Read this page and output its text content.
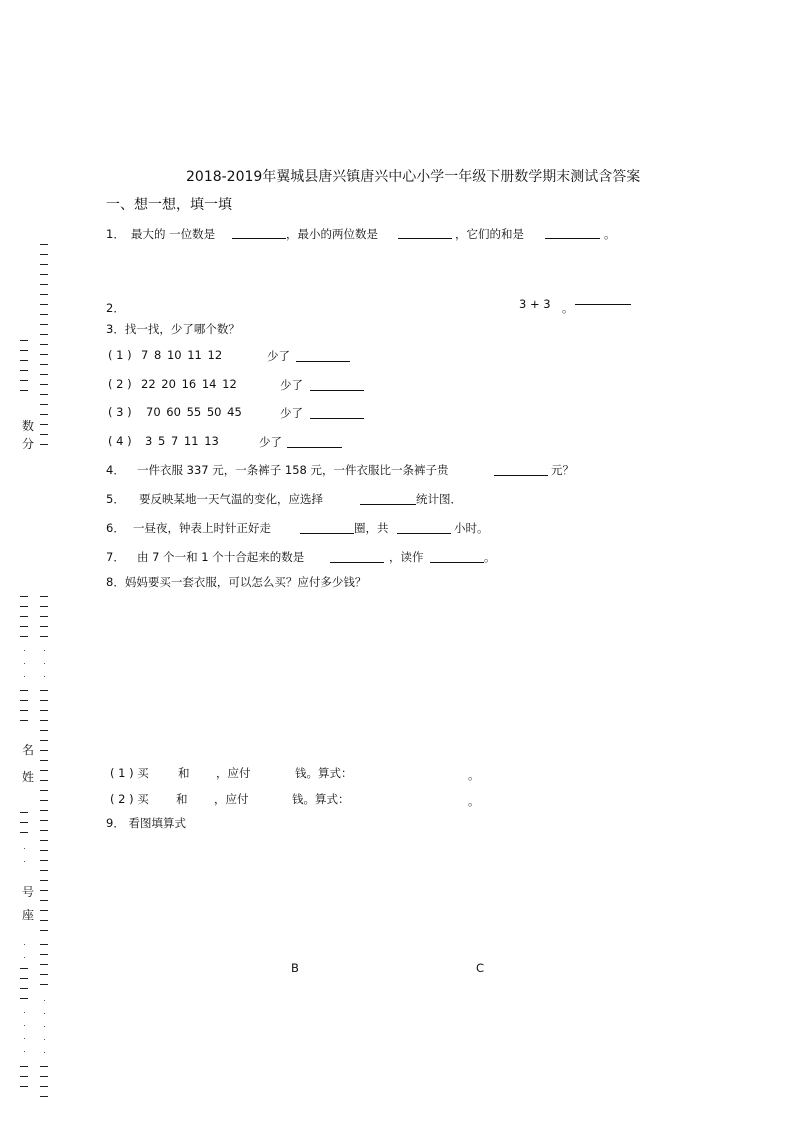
数
分
名
姓
号
座
2018-2019年翼城县唐兴镇唐兴中心小学一年级下册数学期末测试含答案
一、想一想，填一填
1． 最大的 一位数是	，最小的两位数是	，它们的和是	。
2．	3 + 3 。
3．找一找，少了哪个数？
( 1 ) 7 8 10 11 12	少了
( 2 ) 22 20 16 14 12	少了
( 3 ) 70 60 55 50 45	少了
( 4 ) 3 5 7 11 13	少了
4． 一件衣服 337 元，一条裤子 158 元，一件衣服比一条裤子贵	元？
5． 要反映某地一天气温的变化，应选择	统计图．
6． 一昼夜，钟表上时针正好走	圈，共	小时。
7． 由 7 个一和 1 个十合起来的数是	，读作	。
8．妈妈要买一套衣服，可以怎么买？应付多少钱？
( 1 ) 买	和 ，应付	钱。算式：	。
( 2 ) 买 和 ，应付	钱。算式：	。
9． 看图填算式
B	C
